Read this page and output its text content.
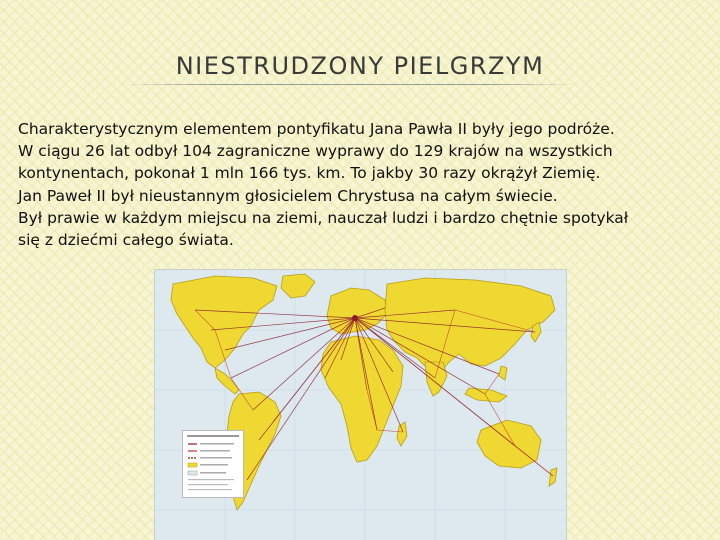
NIESTRUDZONY PIELGRZYM

Charakterystycznym elementem pontyfikatu Jana Pawła II były jego podróże.

W ciągu 26 lat odbył 104 zagraniczne wyprawy do 129 krajów na wszystkich

kontynentach, pokonał 1 mln 166 tys. km. To jakby 30 razy okrążył Ziemię.

Jan Paweł II był nieustannym głosicielem Chrystusa na całym świecie.

Był prawie w każdym miejscu na ziemi, nauczał ludzi i bardzo chętnie spotykał

się z dziećmi całego świata.
